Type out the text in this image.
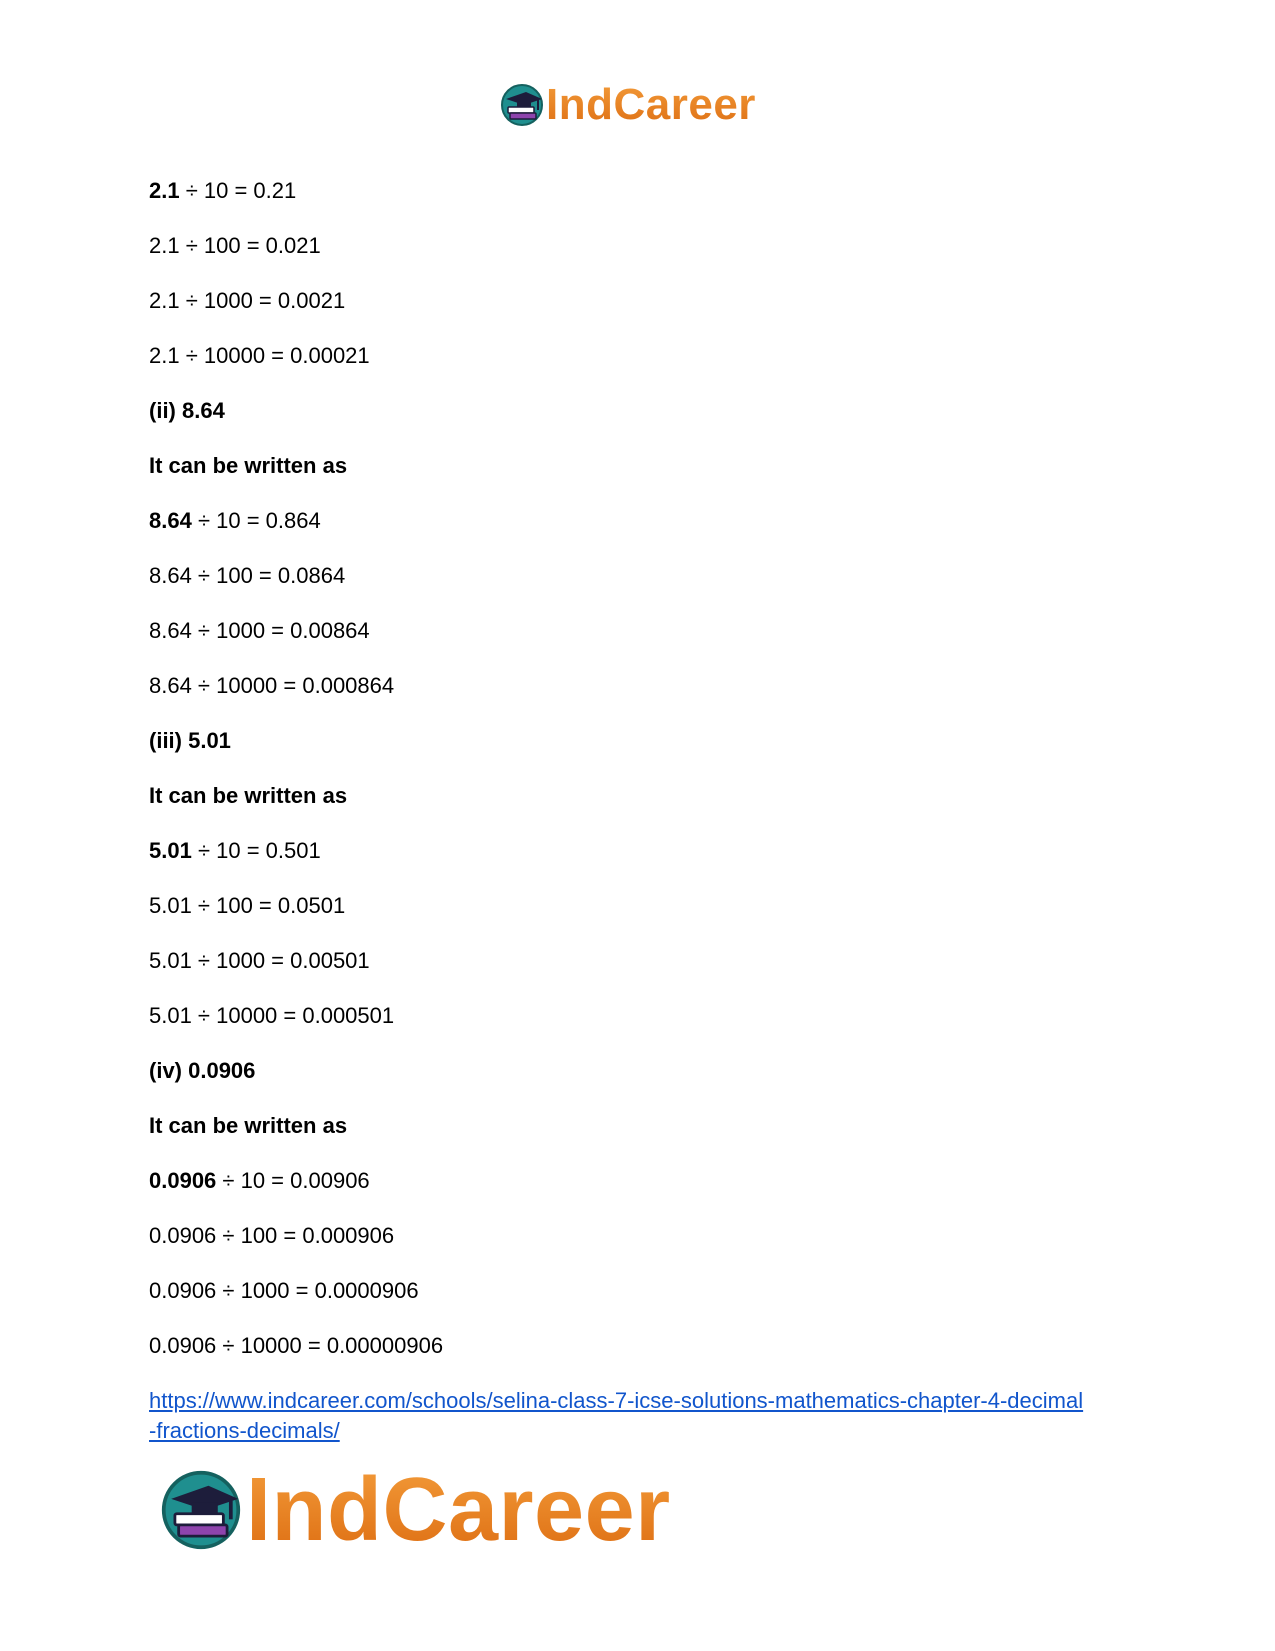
IndCareer
2.1 ÷ 10 = 0.21
2.1 ÷ 100 = 0.021
2.1 ÷ 1000 = 0.0021
2.1 ÷ 10000 = 0.00021
(ii) 8.64
It can be written as
8.64 ÷ 10 = 0.864
8.64 ÷ 100 = 0.0864
8.64 ÷ 1000 = 0.00864
8.64 ÷ 10000 = 0.000864
(iii) 5.01
It can be written as
5.01 ÷ 10 = 0.501
5.01 ÷ 100 = 0.0501
5.01 ÷ 1000 = 0.00501
5.01 ÷ 10000 = 0.000501
(iv) 0.0906
It can be written as
0.0906 ÷ 10 = 0.00906
0.0906 ÷ 100 = 0.000906
0.0906 ÷ 1000 = 0.0000906
0.0906 ÷ 10000 = 0.00000906
https://www.indcareer.com/schools/selina-class-7-icse-solutions-mathematics-chapter-4-decimal
-fractions-decimals/
IndCareer
